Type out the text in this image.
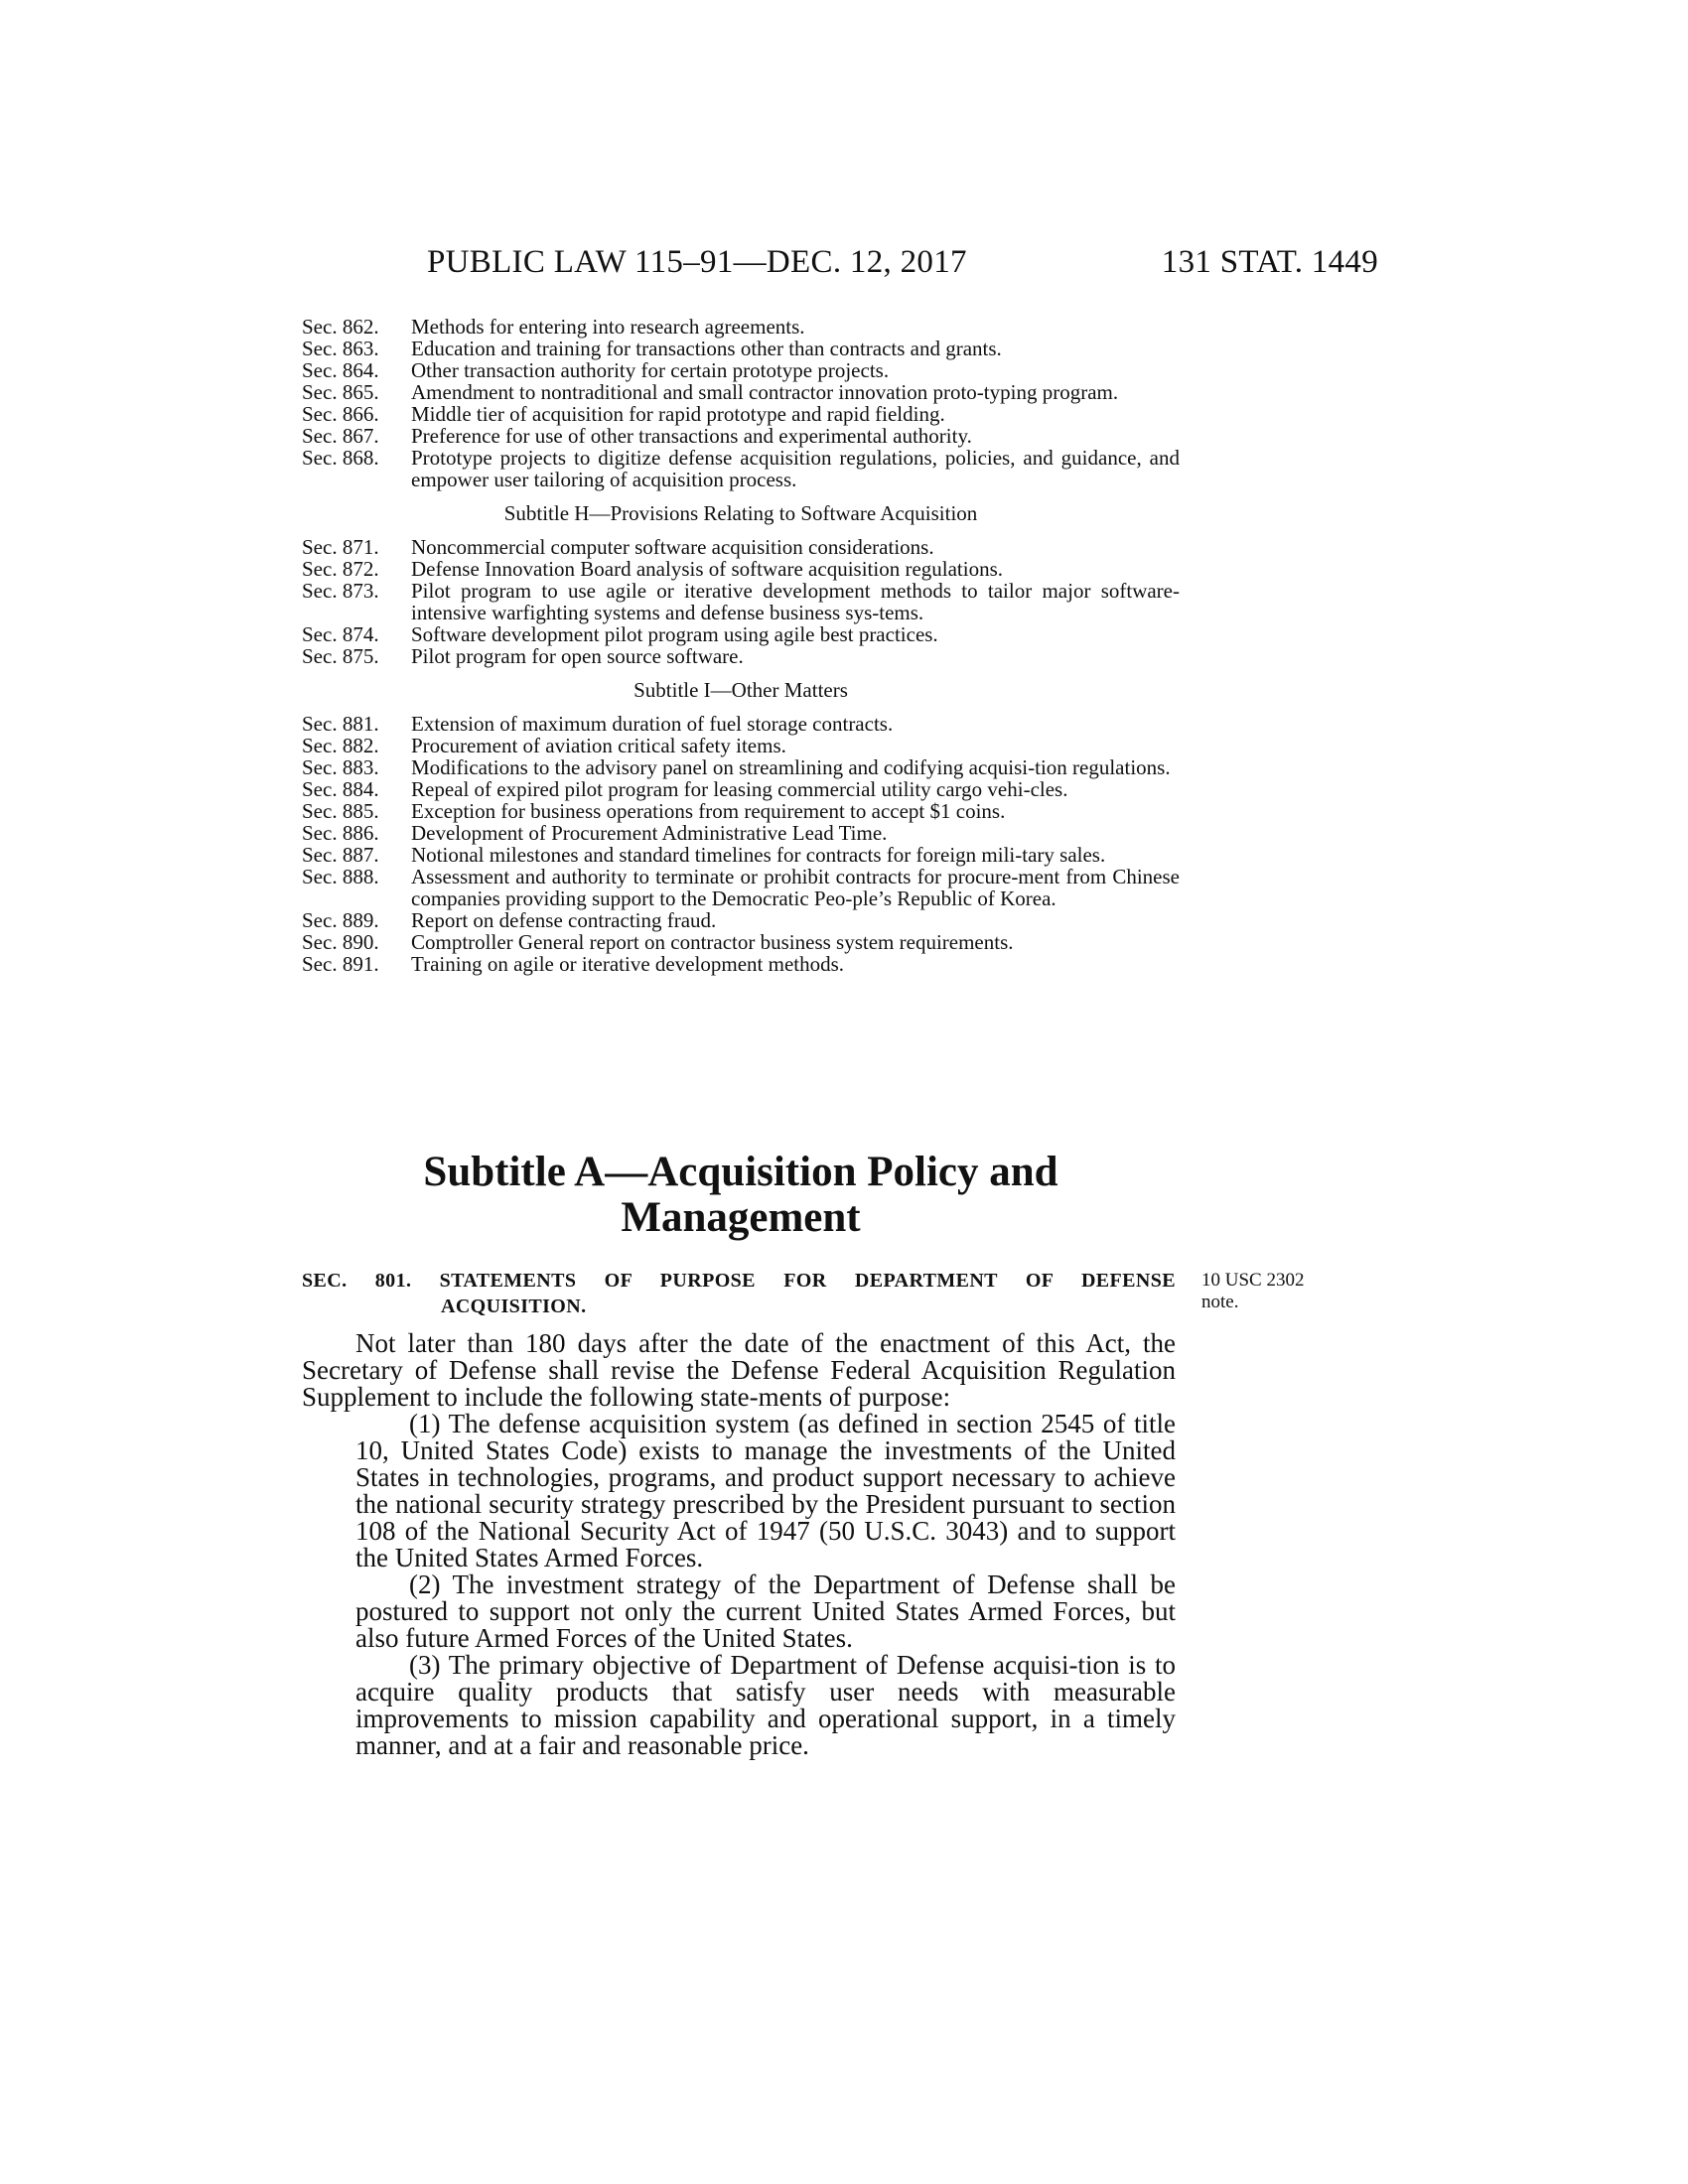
PUBLIC LAW 115–91—DEC. 12, 2017	131 STAT. 1449
Sec. 862.	Methods for entering into research agreements.
Sec. 863.	Education and training for transactions other than contracts and grants.
Sec. 864.	Other transaction authority for certain prototype projects.
Sec. 865.	Amendment to nontraditional and small contractor innovation proto-typing program.
Sec. 866.	Middle tier of acquisition for rapid prototype and rapid fielding.
Sec. 867.	Preference for use of other transactions and experimental authority.
Sec. 868.	Prototype projects to digitize defense acquisition regulations, policies, and guidance, and empower user tailoring of acquisition process.
Subtitle H—Provisions Relating to Software Acquisition
Sec. 871.	Noncommercial computer software acquisition considerations.
Sec. 872.	Defense Innovation Board analysis of software acquisition regulations.
Sec. 873.	Pilot program to use agile or iterative development methods to tailor major software-intensive warfighting systems and defense business sys-tems.
Sec. 874.	Software development pilot program using agile best practices.
Sec. 875.	Pilot program for open source software.
Subtitle I—Other Matters
Sec. 881.	Extension of maximum duration of fuel storage contracts.
Sec. 882.	Procurement of aviation critical safety items.
Sec. 883.	Modifications to the advisory panel on streamlining and codifying acquisi-tion regulations.
Sec. 884.	Repeal of expired pilot program for leasing commercial utility cargo vehi-cles.
Sec. 885.	Exception for business operations from requirement to accept $1 coins.
Sec. 886.	Development of Procurement Administrative Lead Time.
Sec. 887.	Notional milestones and standard timelines for contracts for foreign mili-tary sales.
Sec. 888.	Assessment and authority to terminate or prohibit contracts for procure-ment from Chinese companies providing support to the Democratic Peo-ple’s Republic of Korea.
Sec. 889.	Report on defense contracting fraud.
Sec. 890.	Comptroller General report on contractor business system requirements.
Sec. 891.	Training on agile or iterative development methods.
Subtitle A—Acquisition Policy and
Management
SEC. 801. STATEMENTS OF PURPOSE FOR DEPARTMENT OF DEFENSE
ACQUISITION.
10 USC 2302
note.

Not later than 180 days after the date of the enactment of this Act, the Secretary of Defense shall revise the Defense Federal Acquisition Regulation Supplement to include the following state-ments of purpose:

(1) The defense acquisition system (as defined in section 2545 of title 10, United States Code) exists to manage the investments of the United States in technologies, programs, and product support necessary to achieve the national security strategy prescribed by the President pursuant to section 108 of the National Security Act of 1947 (50 U.S.C. 3043) and to support the United States Armed Forces.

(2) The investment strategy of the Department of Defense shall be postured to support not only the current United States Armed Forces, but also future Armed Forces of the United States.

(3) The primary objective of Department of Defense acquisi-tion is to acquire quality products that satisfy user needs with measurable improvements to mission capability and operational support, in a timely manner, and at a fair and reasonable price.
